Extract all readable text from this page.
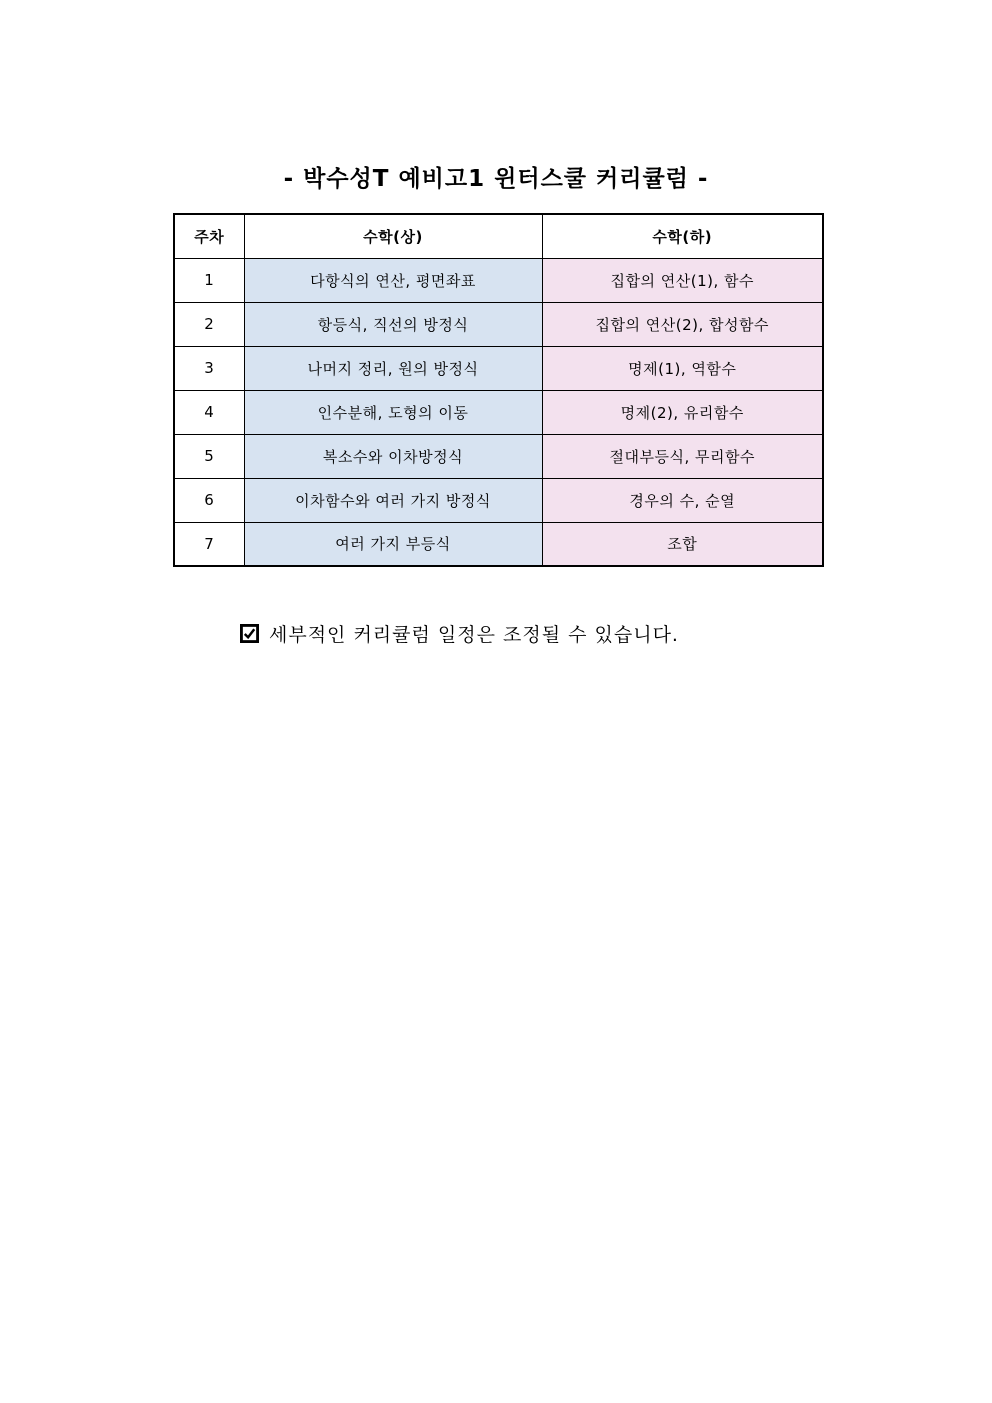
- 박수성T 예비고1 윈터스쿨 커리큘럼 -
주차	수학(상)	수학(하)
1	다항식의 연산, 평면좌표	집합의 연산(1), 함수
2	항등식, 직선의 방정식	집합의 연산(2), 합성함수
3	나머지 정리, 원의 방정식	명제(1), 역함수
4	인수분해, 도형의 이동	명제(2), 유리함수
5	복소수와 이차방정식	절대부등식, 무리함수
6	이차함수와 여러 가지 방정식	경우의 수, 순열
7	여러 가지 부등식	조합
세부적인 커리큘럼 일정은 조정될 수 있습니다.
